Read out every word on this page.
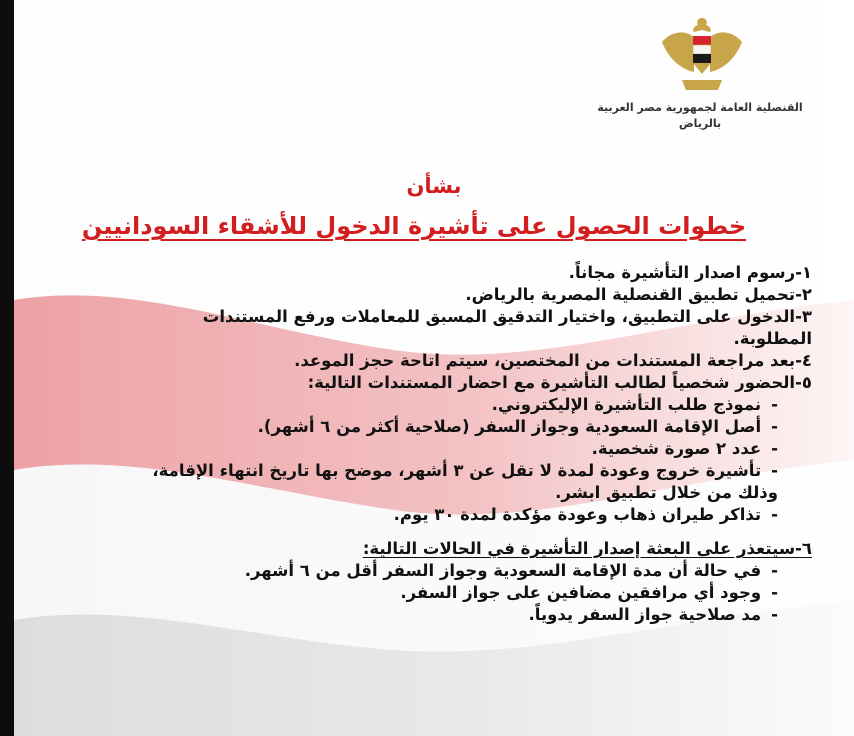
القنصلية العامة لجمهورية مصر العربية
بالرياض
بشأن
خطوات الحصول على تأشيرة الدخول للأشقاء السودانيين

١-رسوم اصدار التأشيرة مجاناً.

٢-تحميل تطبيق القنصلية المصرية بالرياض.

٣-الدخول على التطبيق، واختيار التدقيق المسبق للمعاملات ورفع المستندات المطلوبة.

٤-بعد مراجعة المستندات من المختصين، سيتم اتاحة حجز الموعد.

٥-الحضور شخصياً لطالب التأشيرة مع احضار المستندات التالية:

-نموذج طلب التأشيرة الإليكتروني.

-أصل الإقامة السعودية وجواز السفر (صلاحية أكثر من ٦ أشهر).

-عدد ٢ صورة شخصية.

-تأشيرة خروج وعودة لمدة لا تقل عن ٣ أشهر، موضح بها تاريخ انتهاء الإقامة، وذلك من خلال تطبيق ابشر.

-تذاكر طيران ذهاب وعودة مؤكدة لمدة ٣٠ يوم.

٦-سيتعذر على البعثة إصدار التأشيرة في الحالات التالية:

-في حالة أن مدة الإقامة السعودية وجواز السفر أقل من ٦ أشهر.

-وجود أي مرافقين مضافين على جواز السفر.

-مد صلاحية جواز السفر يدوياً.
